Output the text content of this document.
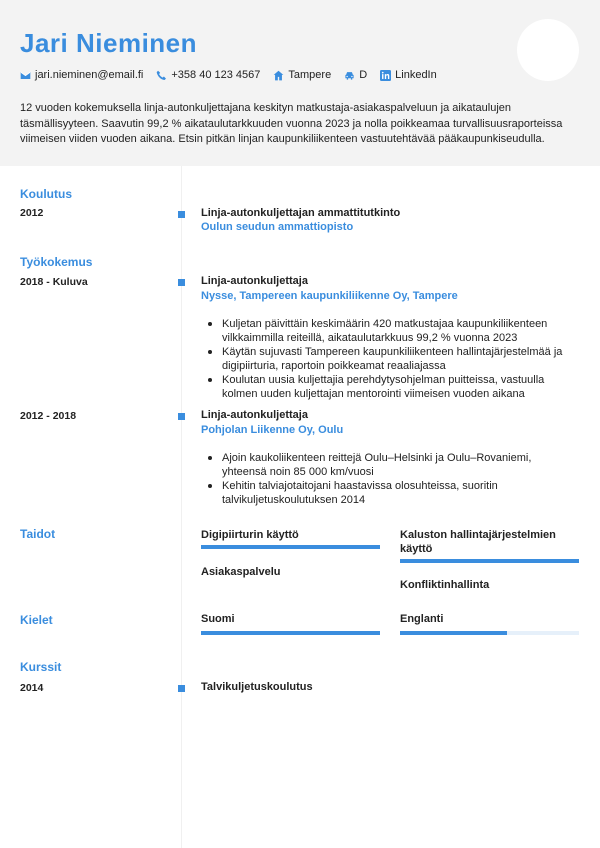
Jari Nieminen
jari.nieminen@email.fi	+358 40 123 4567	Tampere	D	LinkedIn
12 vuoden kokemuksella linja-autonkuljettajana keskityn matkustaja-asiakaspalveluun ja aikataulujen täsmällisyyteen. Saavutin 99,2 % aikataulutarkkuuden vuonna 2023 ja nolla poikkeamaa turvallisuusraporteissa viimeisen viiden vuoden aikana. Etsin pitkän linjan kaupunkiliikenteen vastuutehtävää pääkaupunkiseudulla.
Koulutus
2012	Linja-autonkuljettajan ammattitutkinto
Oulun seudun ammattiopisto
Työkokemus
2018 - Kuluva	Linja-autonkuljettaja
Nysse, Tampereen kaupunkiliikenne Oy, Tampere
Kuljetan päivittäin keskimäärin 420 matkustajaa kaupunkiliikenteen vilkkaimmilla reiteillä, aikataulutarkkuus 99,2 % vuonna 2023
Käytän sujuvasti Tampereen kaupunkiliikenteen hallintajärjestelmää ja digipiirturia, raportoin poikkeamat reaaliajassa
Koulutan uusia kuljettajia perehdytysohjelman puitteissa, vastuulla kolmen uuden kuljettajan mentorointi viimeisen vuoden aikana
2012 - 2018	Linja-autonkuljettaja
Pohjolan Liikenne Oy, Oulu
Ajoin kaukoliikenteen reittejä Oulu–Helsinki ja Oulu–Rovaniemi, yhteensä noin 85 000 km/vuosi
Kehitin talviajotaitojani haastavissa olosuhteissa, suoritin talvikuljetuskoulutuksen 2014
Taidot	Digipiirturin käyttö	Kaluston hallintajärjestelmien käyttö
Asiakaspalvelu
Konfliktinhallinta
Kielet	Suomi	Englanti
Kurssit
2014	Talvikuljetuskoulutus
